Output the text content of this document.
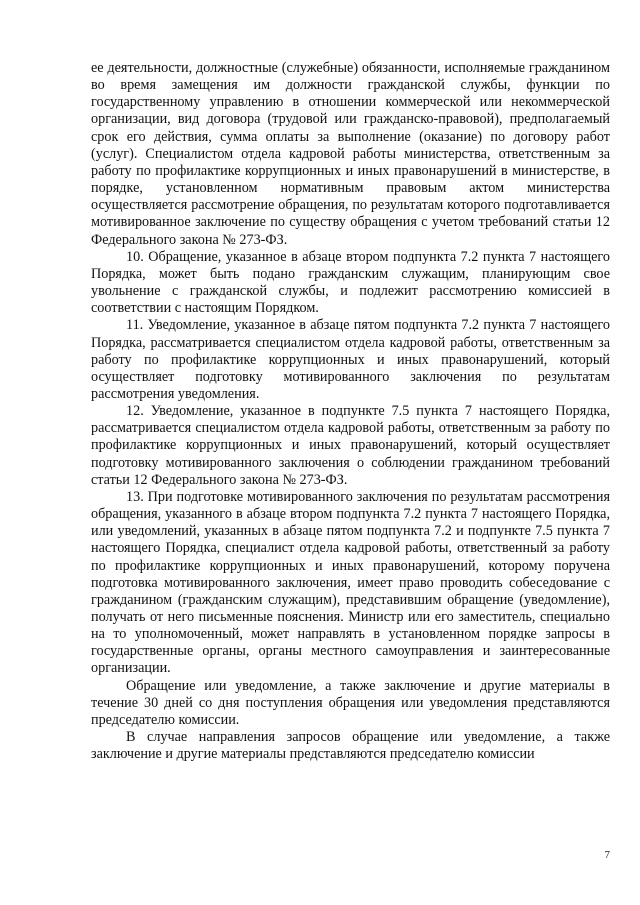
ее деятельности, должностные (служебные) обязанности, исполняемые гражданином во время замещения им должности гражданской службы, функции по государственному управлению в отношении коммерческой или некоммерческой организации, вид договора (трудовой или гражданско-правовой), предполагаемый срок его действия, сумма оплаты за выполнение (оказание) по договору работ (услуг). Специалистом отдела кадровой работы министерства, ответственным за работу по профилактике коррупционных и иных правонарушений в министерстве, в порядке, установленном нормативным правовым актом министерства осуществляется рассмотрение обращения, по результатам которого подготавливается мотивированное заключение по существу обращения с учетом требований статьи 12 Федерального закона № 273-ФЗ.

10. Обращение, указанное в абзаце втором подпункта 7.2 пункта 7 настоящего Порядка, может быть подано гражданским служащим, планирующим свое увольнение с гражданской службы, и подлежит рассмотрению комиссией в соответствии с настоящим Порядком.

11. Уведомление, указанное в абзаце пятом подпункта 7.2 пункта 7 настоящего Порядка, рассматривается специалистом отдела кадровой работы, ответственным за работу по профилактике коррупционных и иных правонарушений, который осуществляет подготовку мотивированного заключения по результатам рассмотрения уведомления.

12. Уведомление, указанное в подпункте 7.5 пункта 7 настоящего Порядка, рассматривается специалистом отдела кадровой работы, ответственным за работу по профилактике коррупционных и иных правонарушений, который осуществляет подготовку мотивированного заключения о соблюдении гражданином требований статьи 12 Федерального закона № 273-ФЗ.

13. При подготовке мотивированного заключения по результатам рассмотрения обращения, указанного в абзаце втором подпункта 7.2 пункта 7 настоящего Порядка, или уведомлений, указанных в абзаце пятом подпункта 7.2 и подпункте 7.5 пункта 7 настоящего Порядка, специалист отдела кадровой работы, ответственный за работу по профилактике коррупционных и иных правонарушений, которому поручена подготовка мотивированного заключения, имеет право проводить собеседование с гражданином (гражданским служащим), представившим обращение (уведомление), получать от него письменные пояснения. Министр или его заместитель, специально на то уполномоченный, может направлять в установленном порядке запросы в государственные органы, органы местного самоуправления и заинтересованные организации.

Обращение или уведомление, а также заключение и другие материалы в течение 30 дней со дня поступления обращения или уведомления представляются председателю комиссии.

В случае направления запросов обращение или уведомление, а также заключение и другие материалы представляются председателю комиссии

7
